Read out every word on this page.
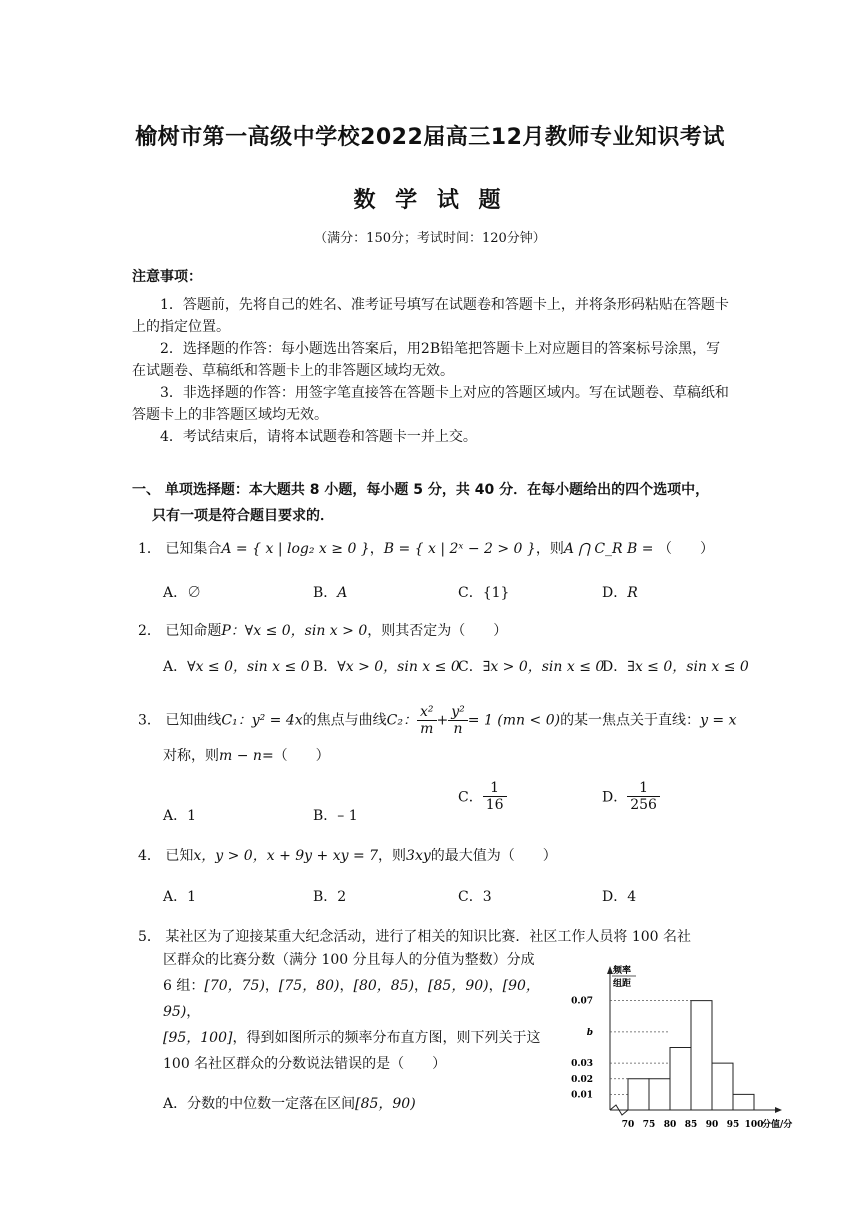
榆树市第一高级中学校2022届高三12月教师专业知识考试
数 学 试 题
（满分：150分；考试时间：120分钟）
注意事项：

1．答题前，先将自己的姓名、准考证号填写在试题卷和答题卡上，并将条形码粘贴在答题卡上的指定位置。

2．选择题的作答：每小题选出答案后，用2B铅笔把答题卡上对应题目的答案标号涂黑，写在试题卷、草稿纸和答题卡上的非答题区域均无效。

3．非选择题的作答：用签字笔直接答在答题卡上对应的答题区域内。写在试题卷、草稿纸和答题卡上的非答题区域均无效。

4．考试结束后，请将本试题卷和答题卡一并上交。

一、 单项选择题：本大题共 8 小题，每小题 5 分，共 40 分．在每小题给出的四个选项中，
只有一项是符合题目要求的．
1． 已知集合A = { x | log₂ x ≥ 0 }，B = { x | 2ˣ − 2 > 0 }，则A ⋂ C_R B = （　　）
A．∅	B．A	C．{1}	D．R
2． 已知命题P：∀x ≤ 0，sin x > 0，则其否定为（　　）
A．∀x ≤ 0，sin x ≤ 0 B．∀x > 0，sin x ≤ 0
C．∃x > 0，sin x ≤ 0
D．∃x ≤ 0，sin x ≤ 0
3． 已知曲线C₁：y² = 4x的焦点与曲线C₂： $\frac{\text{x²}}{m} + \frac{\text{y²}}{n} = 1$ (mn < 0)的某一焦点关于直线：y = x
对称，则m − n=（　　）
A．1	B．– 1
C． $\frac{1}{16}$	D． $\frac{1}{256}$
4． 已知x，y > 0，x + 9y + xy = 7，则3xy的最大值为（　　）
A．1	B．2	C．3	D．4
5． 某社区为了迎接某重大纪念活动，进行了相关的知识比赛．社区工作人员将 100 名社
区群众的比赛分数（满分 100 分且每人的分值为整数）分成
6 组：[70，75)，[75，80)，[80，85)，[85，90)，[90，95)，
[95，100]，得到如图所示的频率分布直方图，则下列关于这
100 名社区群众的分数说法错误的是（　　）
A．分数的中位数一定落在区间[85，90)
0.07
b
0.03
0.02
0.01
70 75 80 85 90 95 100
分值/分
频率
组距
